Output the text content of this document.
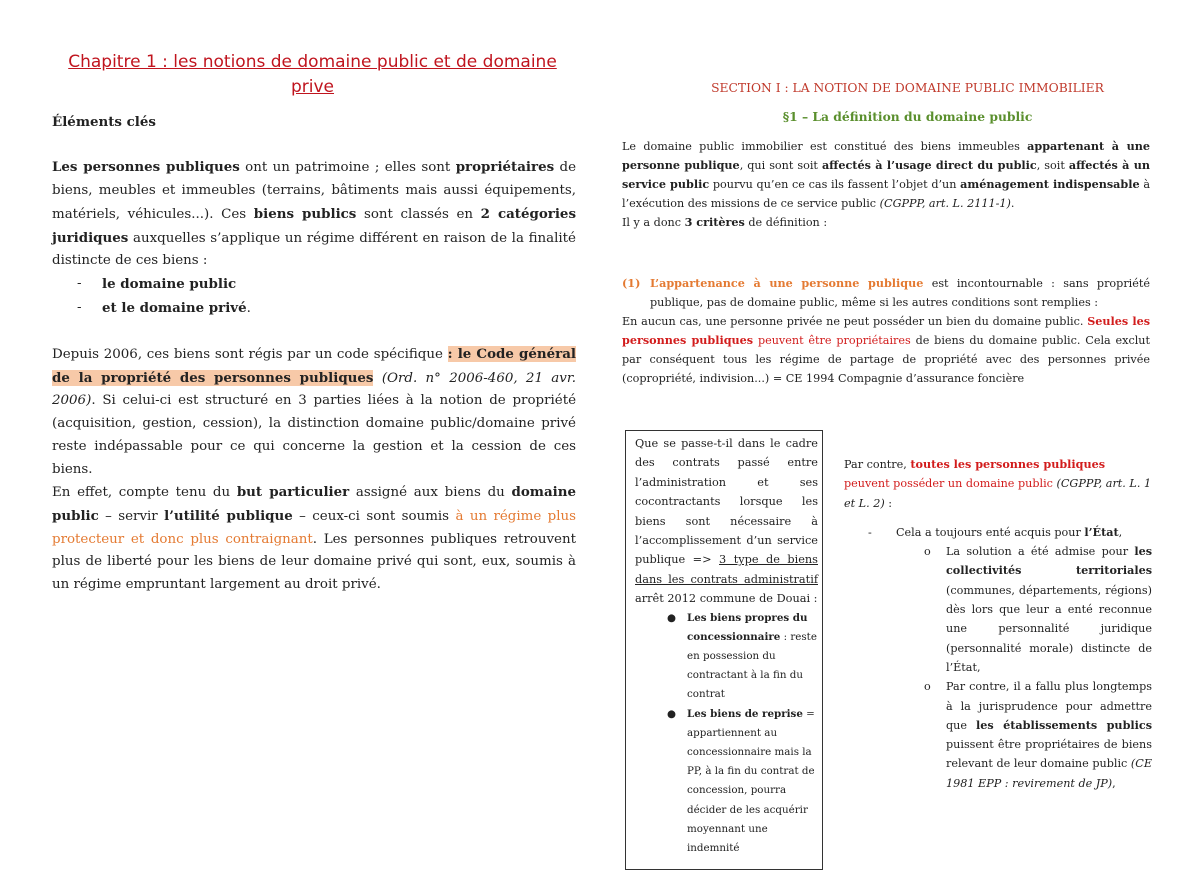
Chapitre 1 : les notions de domaine public et de domaine prive

Éléments clés

Les personnes publiques ont un patrimoine ; elles sont propriétaires de biens, meubles et immeubles (terrains, bâtiments mais aussi équipements, matériels, véhicules...). Ces biens publics sont classés en 2 catégories juridiques auxquelles s’applique un régime différent en raison de la finalité distincte de ces biens :

- le domaine public
- et le domaine privé.

Depuis 2006, ces biens sont régis par un code spécifique : le Code général de la propriété des personnes publiques (Ord. n° 2006-460, 21 avr. 2006). Si celui-ci est structuré en 3 parties liées à la notion de propriété (acquisition, gestion, cession), la distinction domaine public/domaine privé reste indépassable pour ce qui concerne la gestion et la cession de ces biens.

En effet, compte tenu du but particulier assigné aux biens du domaine public – servir l’utilité publique – ceux-ci sont soumis à un régime plus protecteur et donc plus contraignant. Les personnes publiques retrouvent plus de liberté pour les biens de leur domaine privé qui sont, eux, soumis à un régime empruntant largement au droit privé.

SECTION I : LA NOTION DE DOMAINE PUBLIC IMMOBILIER
§1 – La définition du domaine public

Le domaine public immobilier est constitué des biens immeubles appartenant à une personne publique, qui sont soit affectés à l’usage direct du public, soit affectés à un service public pourvu qu’en ce cas ils fassent l’objet d’un aménagement indispensable à l’exécution des missions de ce service public (CGPPP, art. L. 2111-1).

Il y a donc 3 critères de définition :

(1) L’appartenance à une personne publique est incontournable : sans propriété publique, pas de domaine public, même si les autres conditions sont remplies :

En aucun cas, une personne privée ne peut posséder un bien du domaine public. Seules les personnes publiques peuvent être propriétaires de biens du domaine public. Cela exclut par conséquent tous les régime de partage de propriété avec des personnes privée (copropriété, indivision...) = CE 1994 Compagnie d’assurance foncière

Que se passe-t-il dans le cadre des contrats passé entre l’administration et ses cocontractants lorsque les biens sont nécessaire à l’accomplissement d’un service publique => 3 type de biens dans les contrats administratif arrêt 2012 commune de Douai :

● Les biens propres du concessionnaire : reste en possession du contractant à la fin du contrat
● Les biens de reprise = appartiennent au concessionnaire mais la PP, à la fin du contrat de concession, pourra décider de les acquérir moyennant une indemnité

Par contre, toutes les personnes publiques peuvent posséder un domaine public (CGPPP, art. L. 1 et L. 2) :

- Cela a toujours enté acquis pour l’État,
o La solution a été admise pour les collectivités territoriales (communes, départements, régions) dès lors que leur a enté reconnue une personnalité juridique (personnalité morale) distincte de l’État,
o Par contre, il a fallu plus longtemps à la jurisprudence pour admettre que les établissements publics puissent être propriétaires de biens relevant de leur domaine public (CE 1981 EPP : revirement de JP),
